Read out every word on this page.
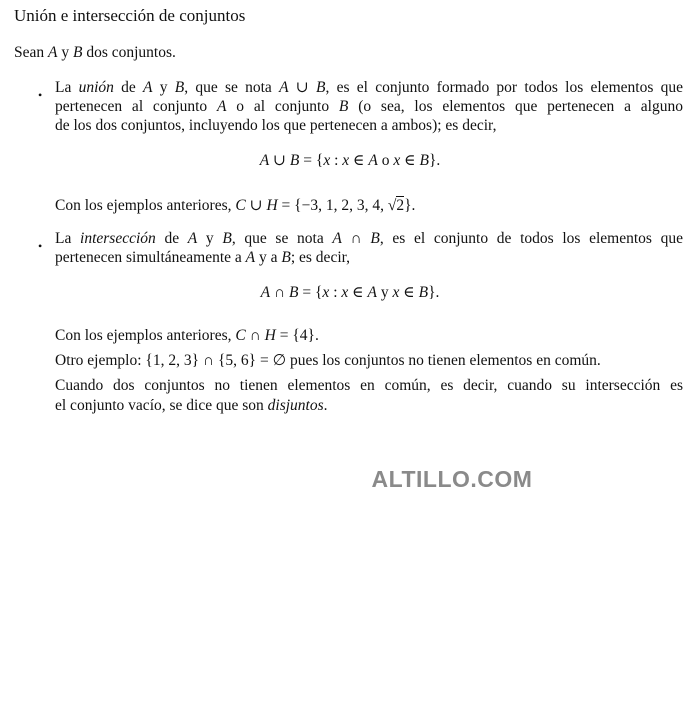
Unión e intersección de conjuntos
•
•
Sean A y B dos conjuntos.
La unión de A y B, que se nota A ∪ B, es el conjunto formado por todos los elementos que
pertenecen al conjunto A o al conjunto B (o sea, los elementos que pertenecen a alguno
de los dos conjuntos, incluyendo los que pertenecen a ambos); es decir,
A ∪ B = {x : x ∈ A o x ∈ B}.
Con los ejemplos anteriores, C ∪ H = {−3, 1, 2, 3, 4, √2}.
La intersección de A y B, que se nota A ∩ B, es el conjunto de todos los elementos que
pertenecen simultáneamente a A y a B; es decir,
A ∩ B = {x : x ∈ A y x ∈ B}.
Con los ejemplos anteriores, C ∩ H = {4}.
Otro ejemplo: {1, 2, 3} ∩ {5, 6} = ∅ pues los conjuntos no tienen elementos en común.
Cuando dos conjuntos no tienen elementos en común, es decir, cuando su intersección es
el conjunto vacío, se dice que son disjuntos.
ALTILLO.COM
